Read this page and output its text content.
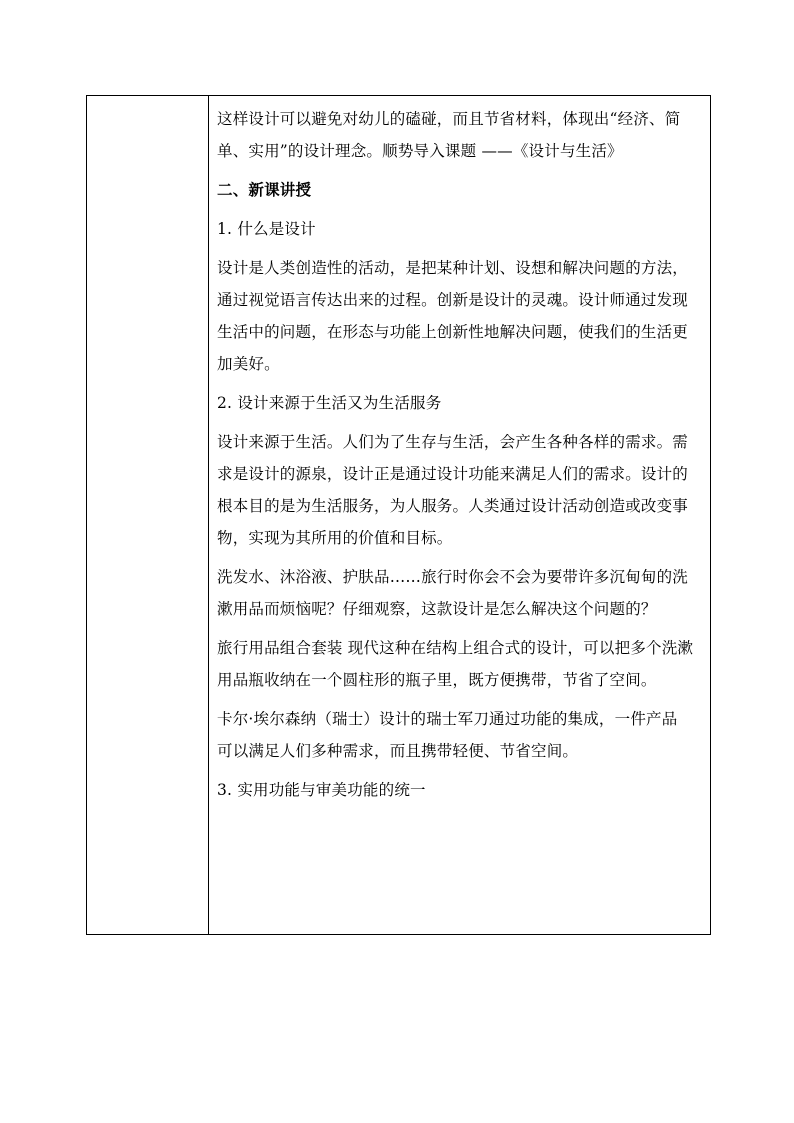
这样设计可以避免对幼儿的磕碰，而且节省材料，体现出“经济、简
单、实用”的设计理念。顺势导入课题 ——《设计与生活》
二、新课讲授
1. 什么是设计
设计是人类创造性的活动，是把某种计划、设想和解决问题的方法，
通过视觉语言传达出来的过程。创新是设计的灵魂。设计师通过发现
生活中的问题，在形态与功能上创新性地解决问题，使我们的生活更
加美好。
2. 设计来源于生活又为生活服务
设计来源于生活。人们为了生存与生活，会产生各种各样的需求。需
求是设计的源泉，设计正是通过设计功能来满足人们的需求。设计的
根本目的是为生活服务，为人服务。人类通过设计活动创造或改变事
物，实现为其所用的价值和目标。
洗发水、沐浴液、护肤品……旅行时你会不会为要带许多沉甸甸的洗
漱用品而烦恼呢？仔细观察，这款设计是怎么解决这个问题的？
旅行用品组合套装 现代这种在结构上组合式的设计，可以把多个洗漱
用品瓶收纳在一个圆柱形的瓶子里，既方便携带，节省了空间。
卡尔·埃尔森纳（瑞士）设计的瑞士军刀通过功能的集成，一件产品
可以满足人们多种需求，而且携带轻便、节省空间。
3. 实用功能与审美功能的统一
